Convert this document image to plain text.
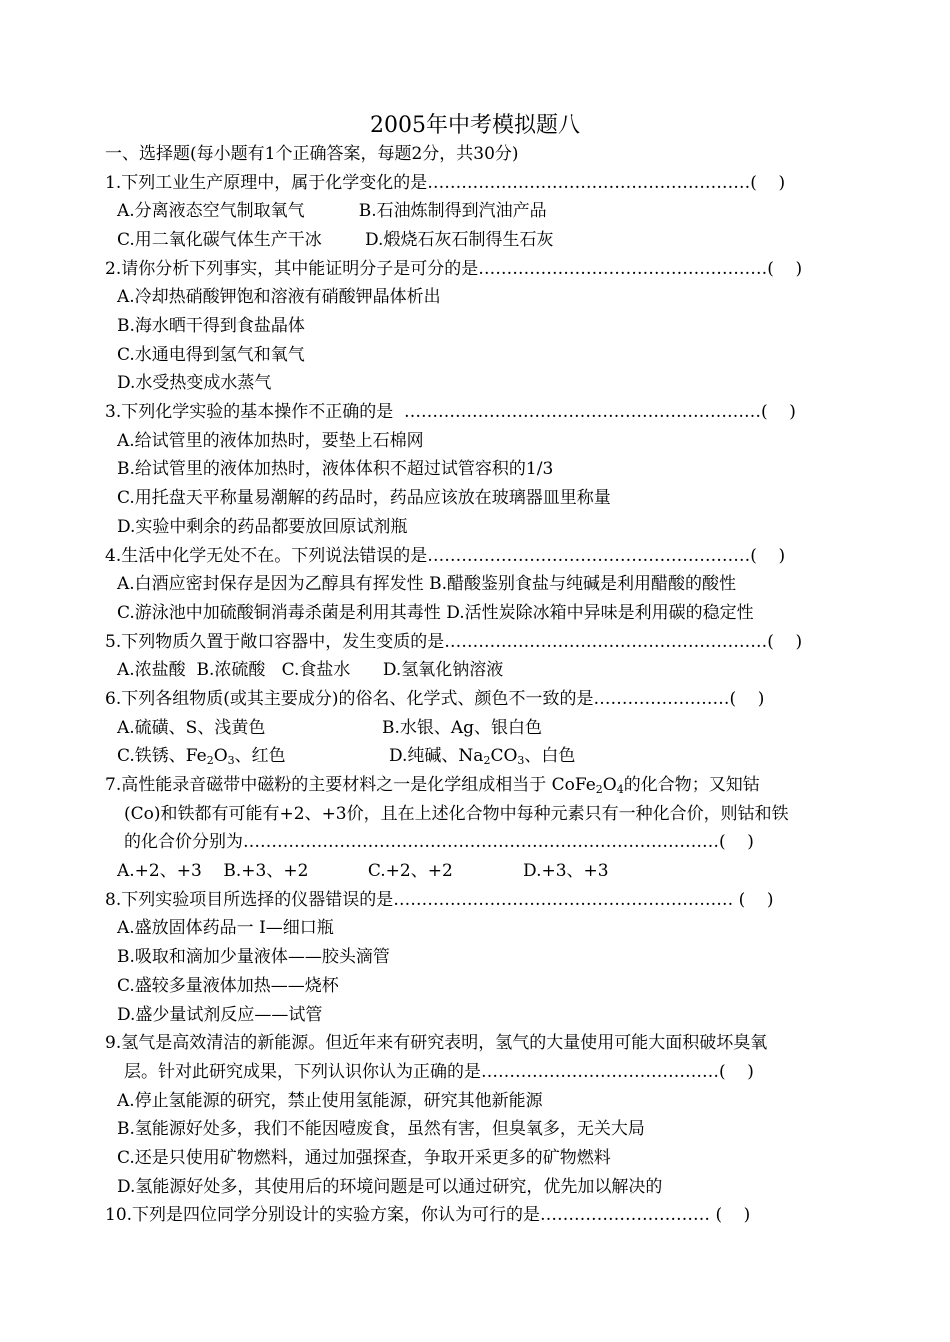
2005年中考模拟题八
一、选择题(每小题有1个正确答案，每题2分，共30分)
1.下列工业生产原理中，属于化学变化的是…………………………………………………(    )
A.分离液态空气制取氧气          B.石油炼制得到汽油产品
C.用二氧化碳气体生产干冰        D.煅烧石灰石制得生石灰
2.请你分析下列事实，其中能证明分子是可分的是……………………………………………(    )
A.冷却热硝酸钾饱和溶液有硝酸钾晶体析出
B.海水晒干得到食盐晶体
C.水通电得到氢气和氧气
D.水受热变成水蒸气
3.下列化学实验的基本操作不正确的是  ………………………………………………………(    )
A.给试管里的液体加热时，要垫上石棉网
B.给试管里的液体加热时，液体体积不超过试管容积的1/3
C.用托盘天平称量易潮解的药品时，药品应该放在玻璃器皿里称量
D.实验中剩余的药品都要放回原试剂瓶
4.生活中化学无处不在。下列说法错误的是…………………………………………………(    )
A.白酒应密封保存是因为乙醇具有挥发性 B.醋酸鉴别食盐与纯碱是利用醋酸的酸性
C.游泳池中加硫酸铜消毒杀菌是利用其毒性 D.活性炭除冰箱中异味是利用碳的稳定性
5.下列物质久置于敞口容器中，发生变质的是…………………………………………………(    )
A.浓盐酸  B.浓硫酸   C.食盐水      D.氢氧化钠溶液
6.下列各组物质(或其主要成分)的俗名、化学式、颜色不一致的是……………………(    )
A.硫磺、S、浅黄色	B.水银、Ag、银白色
C.铁锈、$Fe_2O_3$、红色	D.纯碱、$Na_2CO_3$、白色
7.高性能录音磁带中磁粉的主要材料之一是化学组成相当于 $CoFe_2O_4$的化合物；又知钴
(Co)和铁都有可能有+2、+3价，且在上述化合物中每种元素只有一种化合价，则钴和铁
的化合价分别为…………………………………………………………………………(    )
A.+2、+3    B.+3、+2           C.+2、+2             D.+3、+3
8.下列实验项目所选择的仪器错误的是…………………………………………………… (    )
A.盛放固体药品一 I—细口瓶
B.吸取和滴加少量液体——胶头滴管
C.盛较多量液体加热——烧杯
D.盛少量试剂反应——试管
9.氢气是高效清洁的新能源。但近年来有研究表明，氢气的大量使用可能大面积破坏臭氧
层。针对此研究成果，下列认识你认为正确的是……………………………………(    )
A.停止氢能源的研究，禁止使用氢能源，研究其他新能源
B.氢能源好处多，我们不能因噎废食，虽然有害，但臭氧多，无关大局
C.还是只使用矿物燃料，通过加强探查，争取开采更多的矿物燃料
D.氢能源好处多，其使用后的环境问题是可以通过研究，优先加以解决的
10.下列是四位同学分别设计的实验方案，你认为可行的是………………………… (    )
